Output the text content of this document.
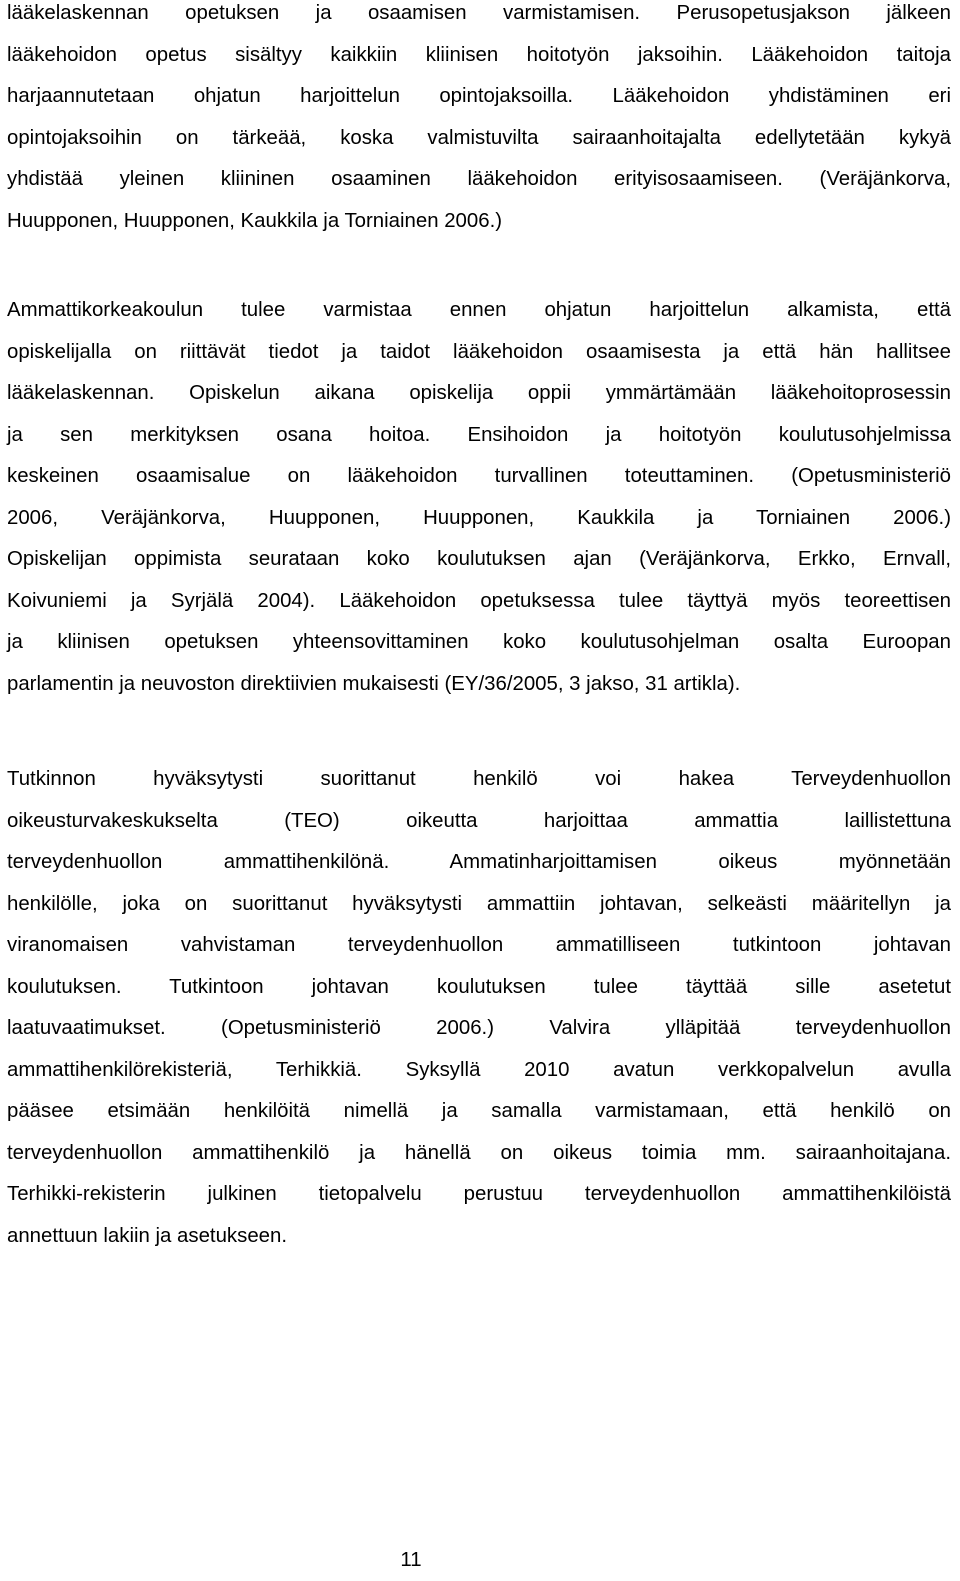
lääkelaskennan opetuksen ja osaamisen varmistamisen. Perusopetusjakson jälkeen
lääkehoidon opetus sisältyy kaikkiin kliinisen hoitotyön jaksoihin. Lääkehoidon taitoja
harjaannutetaan ohjatun harjoittelun opintojaksoilla. Lääkehoidon yhdistäminen eri
opintojaksoihin on tärkeää, koska valmistuvilta sairaanhoitajalta edellytetään kykyä
yhdistää yleinen kliininen osaaminen lääkehoidon erityisosaamiseen. (Veräjänkorva,
Huupponen, Huupponen, Kaukkila ja Torniainen 2006.)
Ammattikorkeakoulun tulee varmistaa ennen ohjatun harjoittelun alkamista, että
opiskelijalla on riittävät tiedot ja taidot lääkehoidon osaamisesta ja että hän hallitsee
lääkelaskennan. Opiskelun aikana opiskelija oppii ymmärtämään lääkehoitoprosessin
ja sen merkityksen osana hoitoa. Ensihoidon ja hoitotyön koulutusohjelmissa
keskeinen osaamisalue on lääkehoidon turvallinen toteuttaminen. (Opetusministeriö
2006, Veräjänkorva, Huupponen, Huupponen, Kaukkila ja Torniainen 2006.)
Opiskelijan oppimista seurataan koko koulutuksen ajan (Veräjänkorva, Erkko, Ernvall,
Koivuniemi ja Syrjälä 2004). Lääkehoidon opetuksessa tulee täyttyä myös teoreettisen
ja kliinisen opetuksen yhteensovittaminen koko koulutusohjelman osalta Euroopan
parlamentin ja neuvoston direktiivien mukaisesti (EY/36/2005, 3 jakso, 31 artikla).
Tutkinnon hyväksytysti suorittanut henkilö voi hakea Terveydenhuollon
oikeusturvakeskukselta (TEO) oikeutta harjoittaa ammattia laillistettuna
terveydenhuollon ammattihenkilönä. Ammatinharjoittamisen oikeus myönnetään
henkilölle, joka on suorittanut hyväksytysti ammattiin johtavan, selkeästi määritellyn ja
viranomaisen vahvistaman terveydenhuollon ammatilliseen tutkintoon johtavan
koulutuksen. Tutkintoon johtavan koulutuksen tulee täyttää sille asetetut
laatuvaatimukset. (Opetusministeriö 2006.) Valvira ylläpitää terveydenhuollon
ammattihenkilörekisteriä, Terhikkiä. Syksyllä 2010 avatun verkkopalvelun avulla
pääsee etsimään henkilöitä nimellä ja samalla varmistamaan, että henkilö on
terveydenhuollon ammattihenkilö ja hänellä on oikeus toimia mm. sairaanhoitajana.
Terhikki-rekisterin julkinen tietopalvelu perustuu terveydenhuollon ammattihenkilöistä
annettuun lakiin ja asetukseen.
11
